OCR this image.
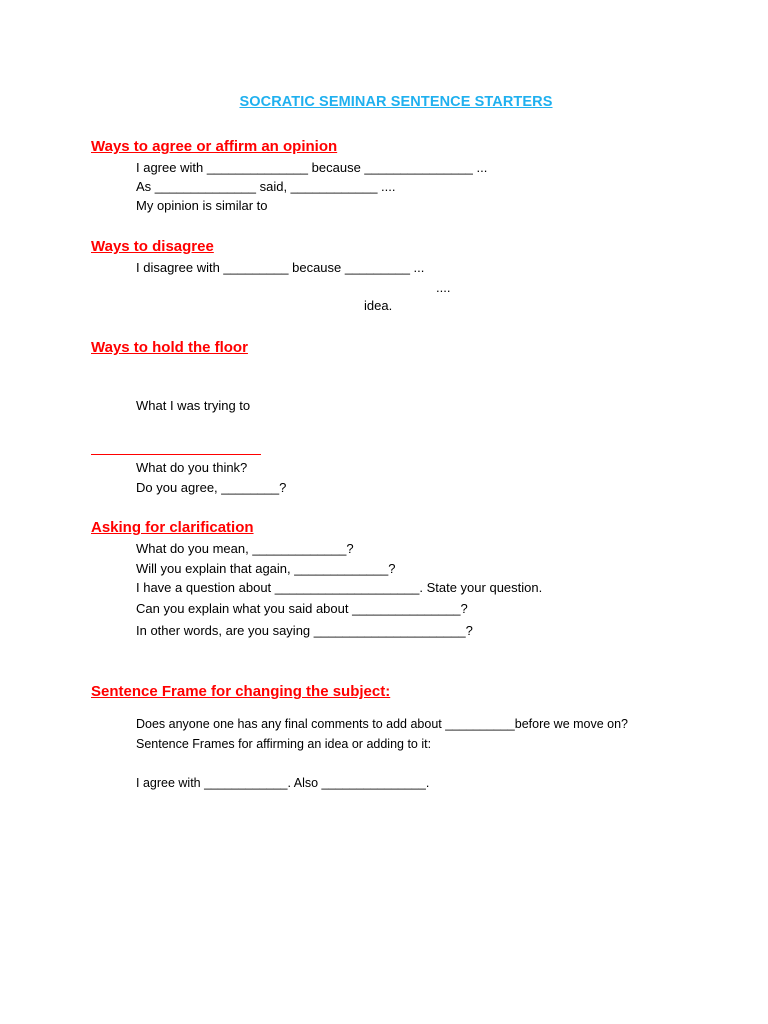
SOCRATIC SEMINAR SENTENCE STARTERS
Ways to agree or affirm an opinion
I agree with ______________ because _______________ ...
As ______________ said, ____________ ....
My opinion is similar to
Ways to disagree
I disagree with _________ because _________ ...
....
idea.
Ways to hold the floor
What I was trying to
What do you think?
Do you agree, ________?
Asking for clarification
What do you mean, _____________?
Will you explain that again, _____________?
I have a question about ____________________. State your question.
Can you explain what you said about _______________?
In other words, are you saying _____________________?
Sentence Frame for changing the subject:
Does anyone one has any final comments to add about __________before we move on?
Sentence Frames for affirming an idea or adding to it:
I agree with ____________. Also _______________.
